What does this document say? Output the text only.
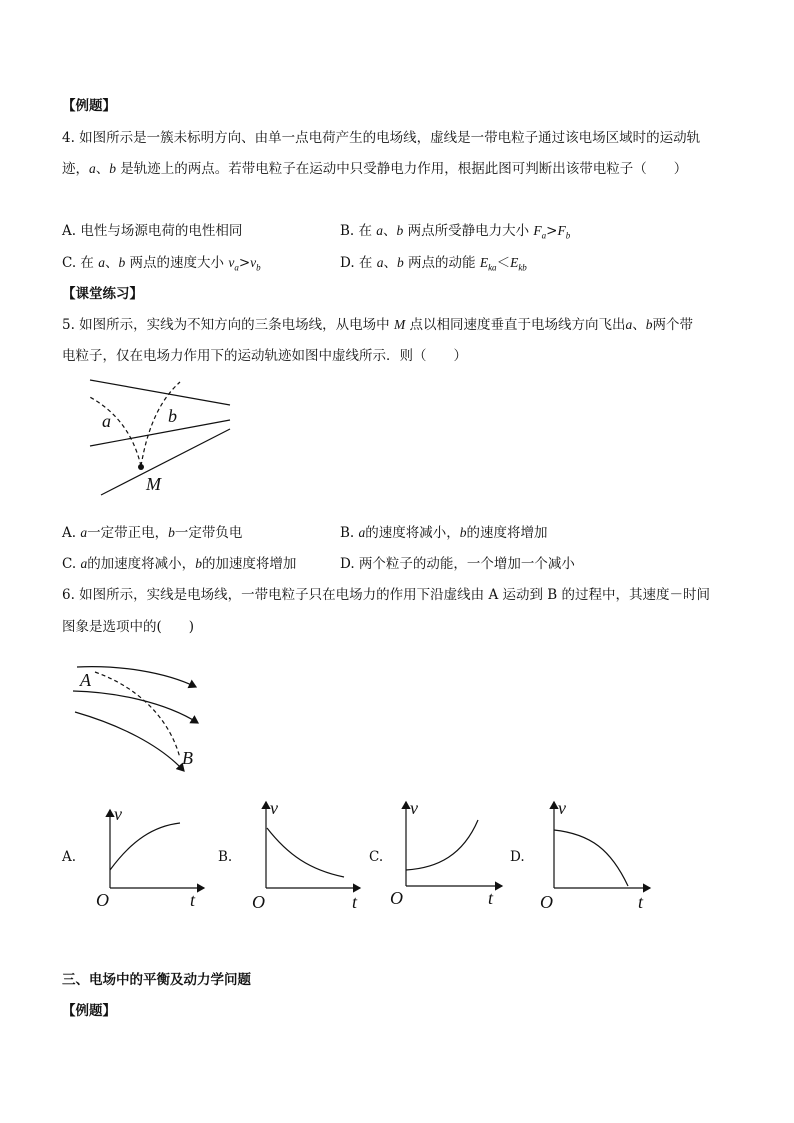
【例题】
4. 如图所示是一簇未标明方向、由单一点电荷产生的电场线，虚线是一带电粒子通过该电场区域时的运动轨
迹，a、b 是轨迹上的两点。若带电粒子在运动中只受静电力作用，根据此图可判断出该带电粒子（　　）
A. 电性与场源电荷的电性相同	B. 在 a、b 两点所受静电力大小 $F_a>F_b$
C. 在 a、b 两点的速度大小 $v_a>v_b$	D. 在 a、b 两点的动能 $E_{ka}<E_{kb}$
【课堂练习】
5. 如图所示，实线为不知方向的三条电场线，从电场中 M 点以相同速度垂直于电场线方向飞出a、b两个带
电粒子，仅在电场力作用下的运动轨迹如图中虚线所示．则（　　）
a	b
M
A. a一定带正电，b一定带负电	B. a的速度将减小，b的速度将增加
C. a的加速度将减小，b的加速度将增加	D. 两个粒子的动能，一个增加一个减小
6. 如图所示，实线是电场线，一带电粒子只在电场力的作用下沿虚线由 A 运动到 B 的过程中，其速度－时间
图象是选项中的(　　)
A
B
A.
v
O	t
B.
v
O	t
C.
v
O	t
D.
v
O	t
三、电场中的平衡及动力学问题
【例题】
